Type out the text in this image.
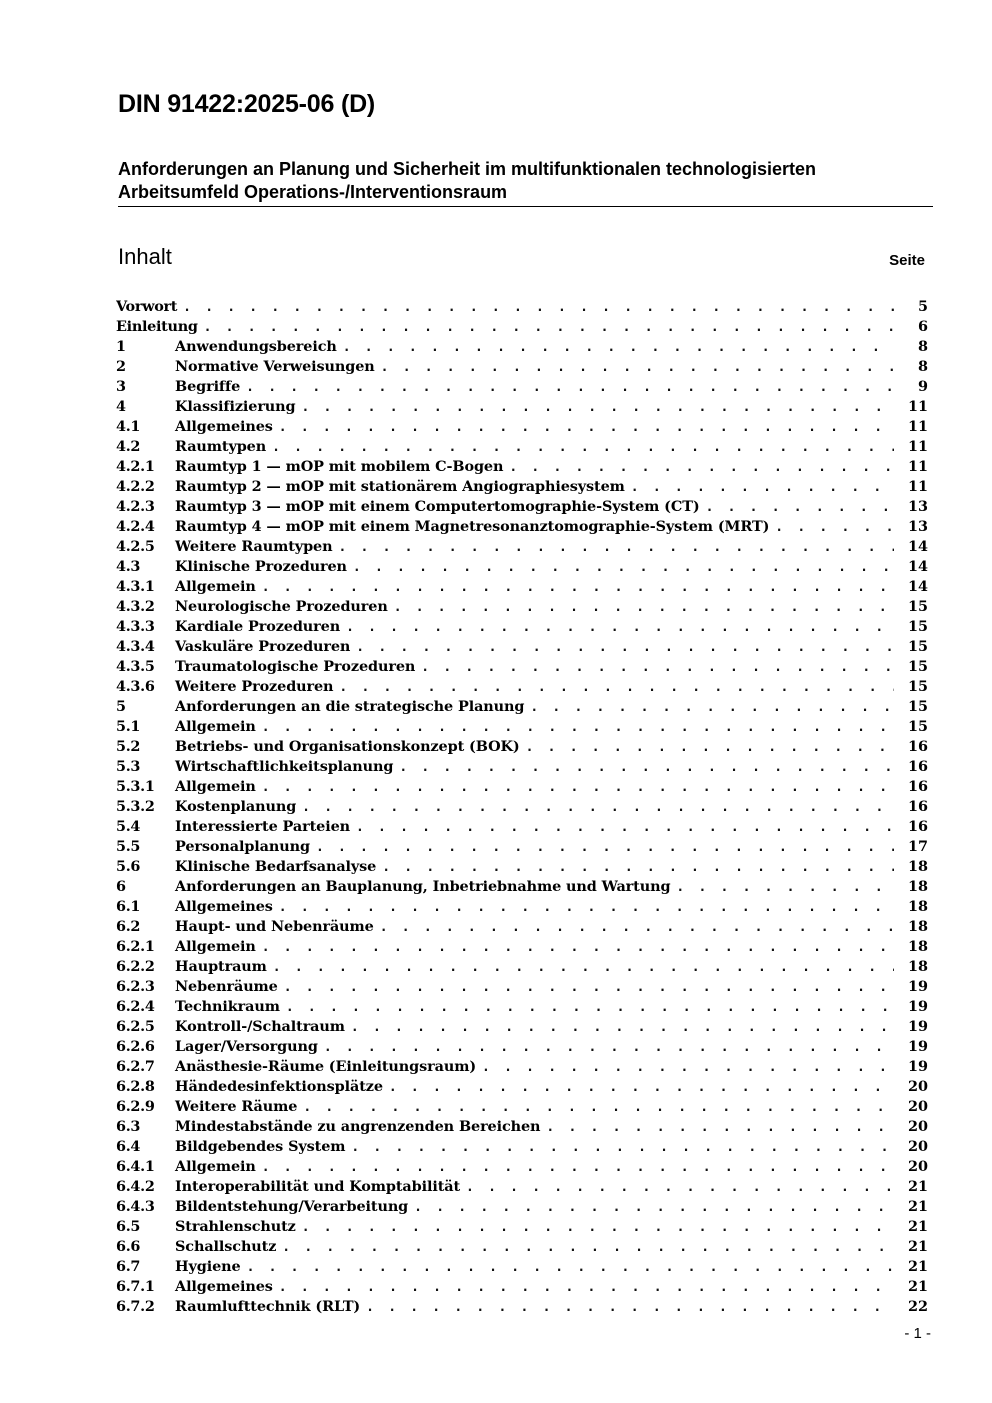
DIN 91422:2025-06 (D)
Anforderungen an Planung und Sicherheit im multifunktionalen technologisierten Arbeitsumfeld Operations-/Interventionsraum
Inhalt	Seite
Vorwort . . .	5
Einleitung . . .	6
1	Anwendungsbereich . . .	8
2	Normative Verweisungen . . .	8
3	Begriffe . . .	9
4	Klassifizierung . . .	11
4.1	Allgemeines . . .	11
4.2	Raumtypen . . .	11
4.2.1	Raumtyp 1 — mOP mit mobilem C-Bogen . . .	11
4.2.2	Raumtyp 2 — mOP mit stationärem Angiographiesystem . . .	11
4.2.3	Raumtyp 3 — mOP mit einem Computertomographie-System (CT) . . .	13
4.2.4	Raumtyp 4 — mOP mit einem Magnetresonanztomographie-System (MRT) . . .	13
4.2.5	Weitere Raumtypen . . .	14
4.3	Klinische Prozeduren . . .	14
4.3.1	Allgemein . . .	14
4.3.2	Neurologische Prozeduren . . .	15
4.3.3	Kardiale Prozeduren . . .	15
4.3.4	Vaskuläre Prozeduren . . .	15
4.3.5	Traumatologische Prozeduren . . .	15
4.3.6	Weitere Prozeduren . . .	15
5	Anforderungen an die strategische Planung . . .	15
5.1	Allgemein . . .	15
5.2	Betriebs- und Organisationskonzept (BOK) . . .	16
5.3	Wirtschaftlichkeitsplanung . . .	16
5.3.1	Allgemein . . .	16
5.3.2	Kostenplanung . . .	16
5.4	Interessierte Parteien . . .	16
5.5	Personalplanung . . .	17
5.6	Klinische Bedarfsanalyse . . .	18
6	Anforderungen an Bauplanung, Inbetriebnahme und Wartung . . .	18
6.1	Allgemeines . . .	18
6.2	Haupt- und Nebenräume . . .	18
6.2.1	Allgemein . . .	18
6.2.2	Hauptraum . . .	18
6.2.3	Nebenräume . . .	19
6.2.4	Technikraum . . .	19
6.2.5	Kontroll-/Schaltraum . . .	19
6.2.6	Lager/Versorgung . . .	19
6.2.7	Anästhesie-Räume (Einleitungsraum) . . .	19
6.2.8	Händedesinfektionsplätze . . .	20
6.2.9	Weitere Räume . . .	20
6.3	Mindestabstände zu angrenzenden Bereichen . . .	20
6.4	Bildgebendes System . . .	20
6.4.1	Allgemein . . .	20
6.4.2	Interoperabilität und Komptabilität . . .	21
6.4.3	Bildentstehung/Verarbeitung . . .	21
6.5	Strahlenschutz . . .	21
6.6	Schallschutz . . .	21
6.7	Hygiene . . .	21
6.7.1	Allgemeines . . .	21
6.7.2	Raumlufttechnik (RLT) . . .	22
- 1 -
